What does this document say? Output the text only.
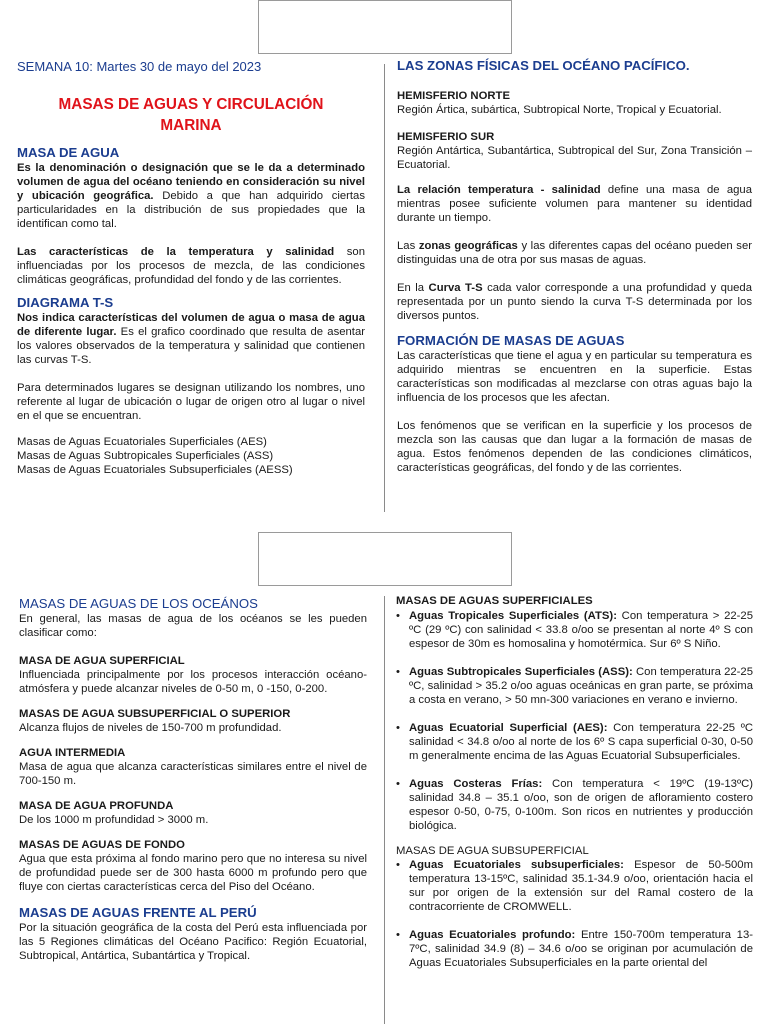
SEMANA 10: Martes 30 de mayo del 2023
MASAS DE AGUAS Y CIRCULACIÓN
MARINA
MASA DE AGUA

Es la denominación o designación que se le da a determinado volumen de agua del océano teniendo en consideración su nivel y ubicación geográfica. Debido a que han adquirido ciertas particularidades en la distribución de sus propiedades que la identifican como tal.

Las características de la temperatura y salinidad son influenciadas por los procesos de mezcla, de las condiciones climáticas geográficas, profundidad del fondo y de las corrientes.

DIAGRAMA T-S

Nos indica características del volumen de agua o masa de agua de diferente lugar. Es el grafico coordinado que resulta de asentar los valores observados de la temperatura y salinidad que contienen las curvas T-S.

Para determinados lugares se designan utilizando los nombres, uno referente al lugar de ubicación o lugar de origen otro al lugar o nivel en el que se encuentran.

Masas de Aguas Ecuatoriales Superficiales (AES)
Masas de Aguas Subtropicales Superficiales (ASS)
Masas de Aguas Ecuatoriales Subsuperficiales (AESS)
LAS ZONAS FÍSICAS DEL OCÉANO PACÍFICO.
HEMISFERIO NORTE
Región Ártica, subártica, Subtropical Norte, Tropical y Ecuatorial.
HEMISFERIO SUR
Región Antártica, Subantártica, Subtropical del Sur, Zona Transición – Ecuatorial.

La relación temperatura - salinidad define una masa de agua mientras posee suficiente volumen para mantener su identidad durante un tiempo.

Las zonas geográficas y las diferentes capas del océano pueden ser distinguidas una de otra por sus masas de aguas.

En la Curva T-S cada valor corresponde a una profundidad y queda representada por un punto siendo la curva T-S determinada por los diversos puntos.

FORMACIÓN DE MASAS DE AGUAS

Las características que tiene el agua y en particular su temperatura es adquirido mientras se encuentren en la superficie. Estas características son modificadas al mezclarse con otras aguas bajo la influencia de los procesos que les afectan.

Los fenómenos que se verifican en la superficie y los procesos de mezcla son las causas que dan lugar a la formación de masas de agua. Estos fenómenos dependen de las condiciones climáticos, características geográficas, del fondo y de las corrientes.

MASAS DE AGUAS DE LOS OCEÁNOS

En general, las masas de agua de los océanos se les pueden clasificar como:

MASA DE AGUA SUPERFICIAL
Influenciada principalmente por los procesos interacción océano-atmósfera y puede alcanzar niveles de 0-50 m, 0 -150, 0-200.
MASAS DE AGUA SUBSUPERFICIAL O SUPERIOR
Alcanza flujos de niveles de 150-700 m profundidad.
AGUA INTERMEDIA
Masa de agua que alcanza características similares entre el nivel de 700-150 m.
MASA DE AGUA PROFUNDA
De los 1000 m profundidad > 3000 m.
MASAS DE AGUAS DE FONDO
Agua que esta próxima al fondo marino pero que no interesa su nivel de profundidad puede ser de 300 hasta 6000 m profundo pero que fluye con ciertas características cerca del Piso del Océano.
MASAS DE AGUAS FRENTE AL PERÚ

Por la situación geográfica de la costa del Perú esta influenciada por las 5 Regiones climáticas del Océano Pacifico: Región Ecuatorial, Subtropical, Antártica, Subantártica y Tropical.

MASAS DE AGUAS SUPERFICIALES
• Aguas Tropicales Superficiales (ATS): Con temperatura > 22-25 ºC (29 ºC) con salinidad < 33.8 o/oo se presentan al norte 4º S con espesor de 30m es homosalina y homotérmica. Sur 6º S Niño.
• Aguas Subtropicales Superficiales (ASS): Con temperatura 22-25 ºC, salinidad > 35.2 o/oo aguas oceánicas en gran parte, se próxima a costa en verano, > 50 mn-300 variaciones en verano e invierno.
• Aguas Ecuatorial Superficial (AES): Con temperatura 22-25 ºC salinidad < 34.8 o/oo al norte de los 6º S capa superficial 0-30, 0-50 m generalmente encima de las Aguas Ecuatorial Subsuperficiales.
• Aguas Costeras Frías: Con temperatura < 19ºC (19-13ºC) salinidad 34.8 – 35.1 o/oo, son de origen de afloramiento costero espesor 0-50, 0-75, 0-100m. Son ricos en nutrientes y producción biológica.
MASAS DE AGUA SUBSUPERFICIAL
• Aguas Ecuatoriales subsuperficiales: Espesor de 50-500m temperatura 13-15ºC, salinidad 35.1-34.9 o/oo, orientación hacia el sur por origen de la extensión sur del Ramal costero de la contracorriente de CROMWELL.
• Aguas Ecuatoriales profundo: Entre 150-700m temperatura 13-7ºC, salinidad 34.9 (8) – 34.6 o/oo se originan por acumulación de Aguas Ecuatoriales Subsuperficiales en la parte oriental del
